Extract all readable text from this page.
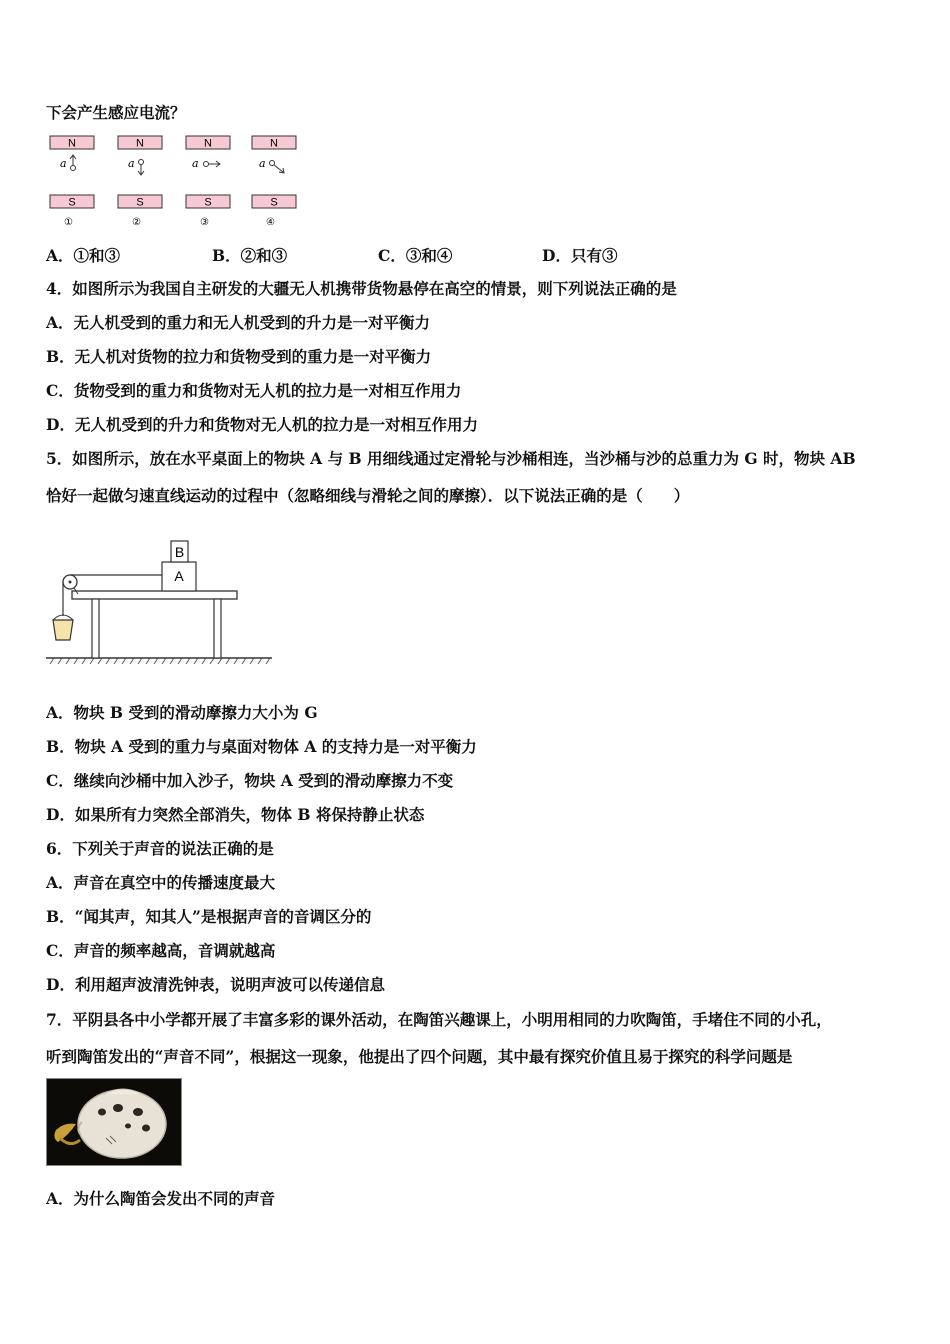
下会产生感应电流？
N
a
S
①
N
a
S
②
N
a
S
③
N
a
S
④
A．①和③	B．②和③	C．③和④	D．只有③
4．如图所示为我国自主研发的大疆无人机携带货物悬停在高空的情景，则下列说法正确的是
A．无人机受到的重力和无人机受到的升力是一对平衡力
B．无人机对货物的拉力和货物受到的重力是一对平衡力
C．货物受到的重力和货物对无人机的拉力是一对相互作用力
D．无人机受到的升力和货物对无人机的拉力是一对相互作用力
5．如图所示，放在水平桌面上的物块 A 与 B 用细线通过定滑轮与沙桶相连，当沙桶与沙的总重力为 G 时，物块 AB
恰好一起做匀速直线运动的过程中（忽略细线与滑轮之间的摩擦）．以下说法正确的是（　　）
A
B
A．物块 B 受到的滑动摩擦力大小为 G
B．物块 A 受到的重力与桌面对物体 A 的支持力是一对平衡力
C．继续向沙桶中加入沙子，物块 A 受到的滑动摩擦力不变
D．如果所有力突然全部消失，物体 B 将保持静止状态
6．下列关于声音的说法正确的是
A．声音在真空中的传播速度最大
B．“闻其声，知其人”是根据声音的音调区分的
C．声音的频率越高，音调就越高
D．利用超声波清洗钟表，说明声波可以传递信息
7．平阴县各中小学都开展了丰富多彩的课外活动，在陶笛兴趣课上，小明用相同的力吹陶笛，手堵住不同的小孔，
听到陶笛发出的“声音不同”，根据这一现象，他提出了四个问题，其中最有探究价值且易于探究的科学问题是
A．为什么陶笛会发出不同的声音
